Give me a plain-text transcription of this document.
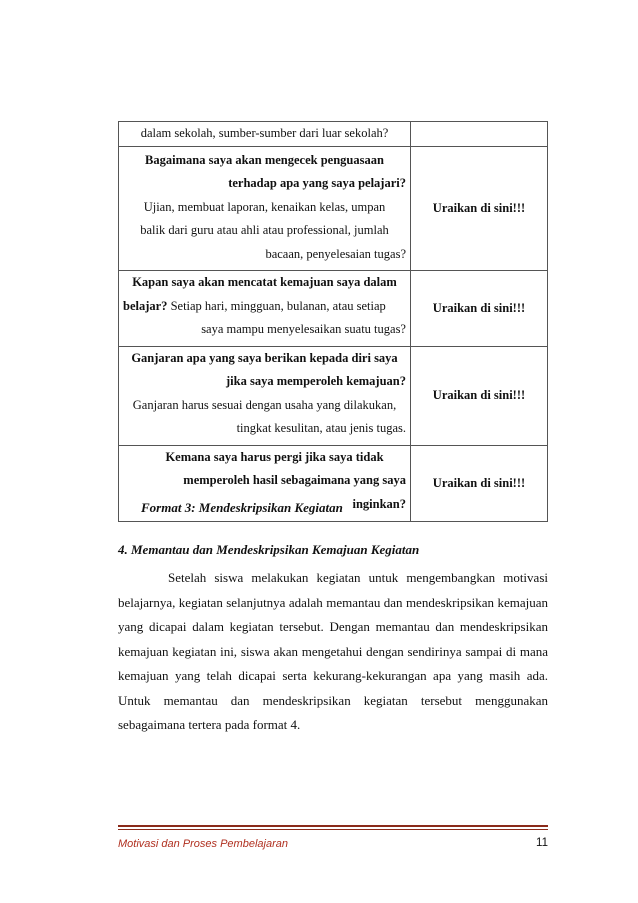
dalam sekolah, sumber-sumber dari luar sekolah?	

Bagaimana saya akan mengecek penguasaan
terhadap apa yang saya pelajari?
Ujian, membuat laporan, kenaikan kelas, umpan
balik dari guru atau ahli atau professional, jumlah
bacaan, penyelesaian tugas?	Uraikan di sini!!!

Kapan saya akan mencatat kemajuan saya dalam
belajar? Setiap hari, mingguan, bulanan, atau setiap
saya mampu menyelesaikan suatu tugas?	Uraikan di sini!!!

Ganjaran apa yang saya berikan kepada diri saya
jika saya memperoleh kemajuan?
Ganjaran harus sesuai dengan usaha yang dilakukan,
tingkat kesulitan, atau jenis tugas.	Uraikan di sini!!!

Kemana saya harus pergi jika saya tidak
memperoleh hasil sebagaimana yang saya
inginkan?	Uraikan di sini!!!
Format 3: Mendeskripsikan Kegiatan
4. Memantau dan Mendeskripsikan Kemajuan Kegiatan
Setelah siswa melakukan kegiatan untuk mengembangkan motivasi
belajarnya, kegiatan selanjutnya adalah memantau dan mendeskripsikan kemajuan
yang dicapai dalam kegiatan tersebut. Dengan memantau dan mendeskripsikan
kemajuan kegiatan ini, siswa akan mengetahui dengan sendirinya sampai di mana
kemajuan yang telah dicapai serta kekurang-kekurangan apa yang masih ada.
Untuk memantau dan mendeskripsikan kegiatan tersebut menggunakan
sebagaimana tertera pada format 4.
Motivasi dan Proses Pembelajaran	11
